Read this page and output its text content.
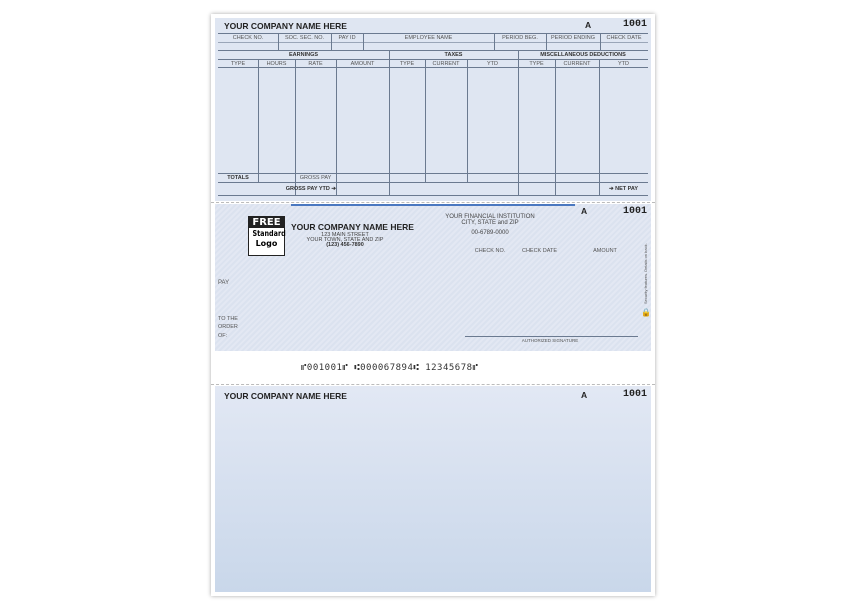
YOUR COMPANY NAME HERE	A	1001
CHECK NO.	SOC. SEC. NO.	PAY ID	EMPLOYEE NAME	PERIOD BEG.	PERIOD ENDING	CHECK DATE
EARNINGS	TAXES	MISCELLANEOUS DEDUCTIONS
TYPE	HOURS	RATE	AMOUNT	TYPE	CURRENT	YTD	TYPE	CURRENT	YTD
TOTALS	GROSS PAY
GROSS PAY YTD ➔	➔ NET PAY
A	1001
FREE
Standard
Logo
YOUR COMPANY NAME HERE
123 MAIN STREET
YOUR TOWN, STATE AND ZIP
(123) 456-7890
YOUR FINANCIAL INSTITUTION
CITY, STATE and ZIP
00-6789-0000
CHECK NO.	CHECK DATE	AMOUNT
PAY
TO THE
ORDER
OF:
AUTHORIZED SIGNATURE
Security features. Details on back.
🔒
⑈001001⑈ ⑆000067894⑆ 12345678⑈
YOUR COMPANY NAME HERE	A	1001
